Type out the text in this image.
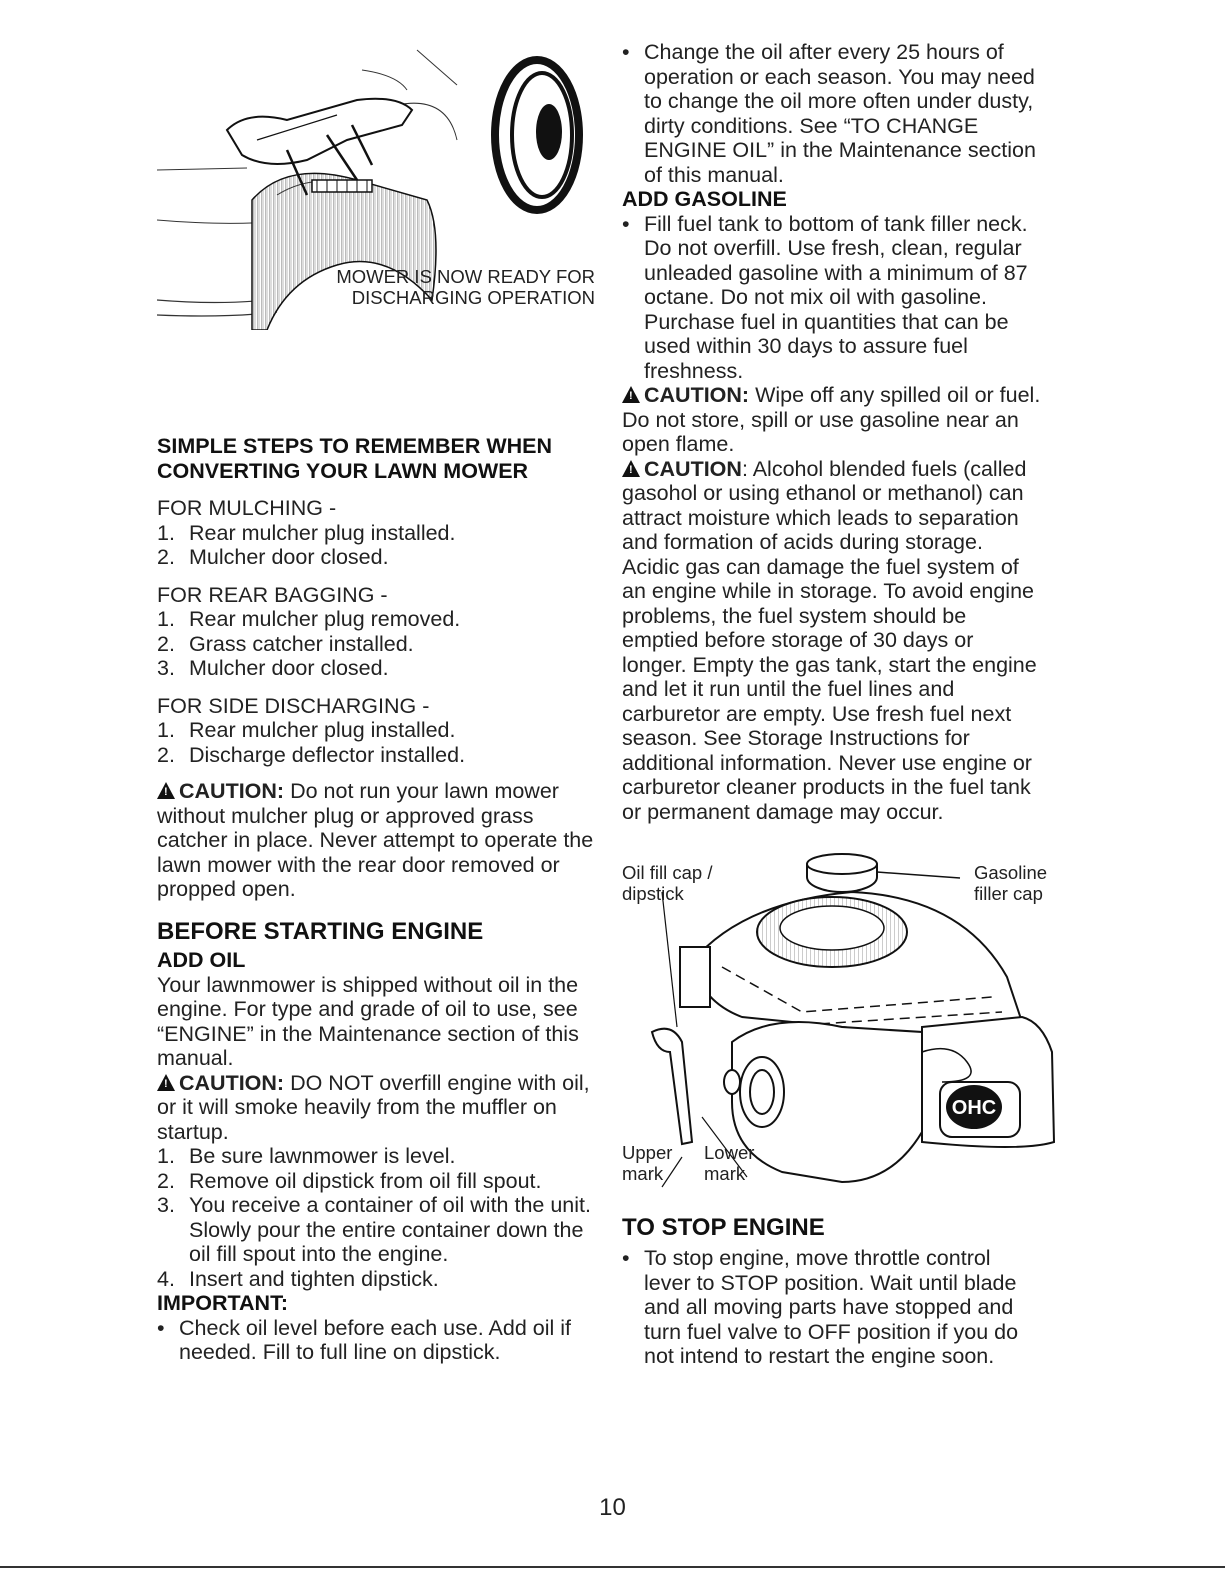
MOWER IS NOW READY FOR
DISCHARGING OPERATION
SIMPLE STEPS TO REMEMBER WHEN
CONVERTING YOUR LAWN MOWER
FOR MULCHING -
1. Rear mulcher plug installed.
2. Mulcher door closed.
FOR REAR BAGGING -
1. Rear mulcher plug removed.
2. Grass catcher installed.
3. Mulcher door closed.
FOR SIDE DISCHARGING -
1. Rear mulcher plug installed.
2. Discharge deflector installed.

!CAUTION: Do not run your lawn mower without mulcher plug or approved grass catcher in place. Never attempt to operate the lawn mower with the rear door removed or propped open.

BEFORE STARTING ENGINE
ADD OIL

Your lawnmower is shipped without oil in the engine. For type and grade of oil to use, see “ENGINE” in the Maintenance section of this manual.

!CAUTION: DO NOT overfill engine with oil, or it will smoke heavily from the muffler on startup.

1. Be sure lawnmower is level.
2. Remove oil dipstick from oil fill spout.
3. You receive a container of oil with the unit. Slowly pour the entire container down the oil fill spout into the engine.
4. Insert and tighten dipstick.
IMPORTANT:
• Check oil level before each use. Add oil if needed. Fill to full line on dipstick.
• Change the oil after every 25 hours of operation or each season. You may need to change the oil more often under dusty, dirty conditions. See “TO CHANGE ENGINE OIL” in the Maintenance section of this manual.
ADD GASOLINE
• Fill fuel tank to bottom of tank filler neck. Do not overfill. Use fresh, clean, regular unleaded gasoline with a minimum of 87 octane. Do not mix oil with gasoline. Purchase fuel in quantities that can be used within 30 days to assure fuel freshness.

!CAUTION: Wipe off any spilled oil or fuel. Do not store, spill or use gasoline near an open flame.

!CAUTION: Alcohol blended fuels (called gasohol or using ethanol or methanol) can attract moisture which leads to separation and formation of acids during storage. Acidic gas can damage the fuel system of an engine while in storage. To avoid engine problems, the fuel system should be emptied before storage of 30 days or longer. Empty the gas tank, start the engine and let it run until the fuel lines and carburetor are empty. Use fresh fuel next season. See Storage Instructions for additional information. Never use engine or carburetor cleaner products in the fuel tank or permanent damage may occur.

OHC
Oil fill cap /
dipstick
Gasoline
filler cap
Upper
mark
Lower
mark
TO STOP ENGINE
• To stop engine, move throttle control lever to STOP position. Wait until blade and all moving parts have stopped and turn fuel valve to OFF position if you do not intend to restart the engine soon.
10
